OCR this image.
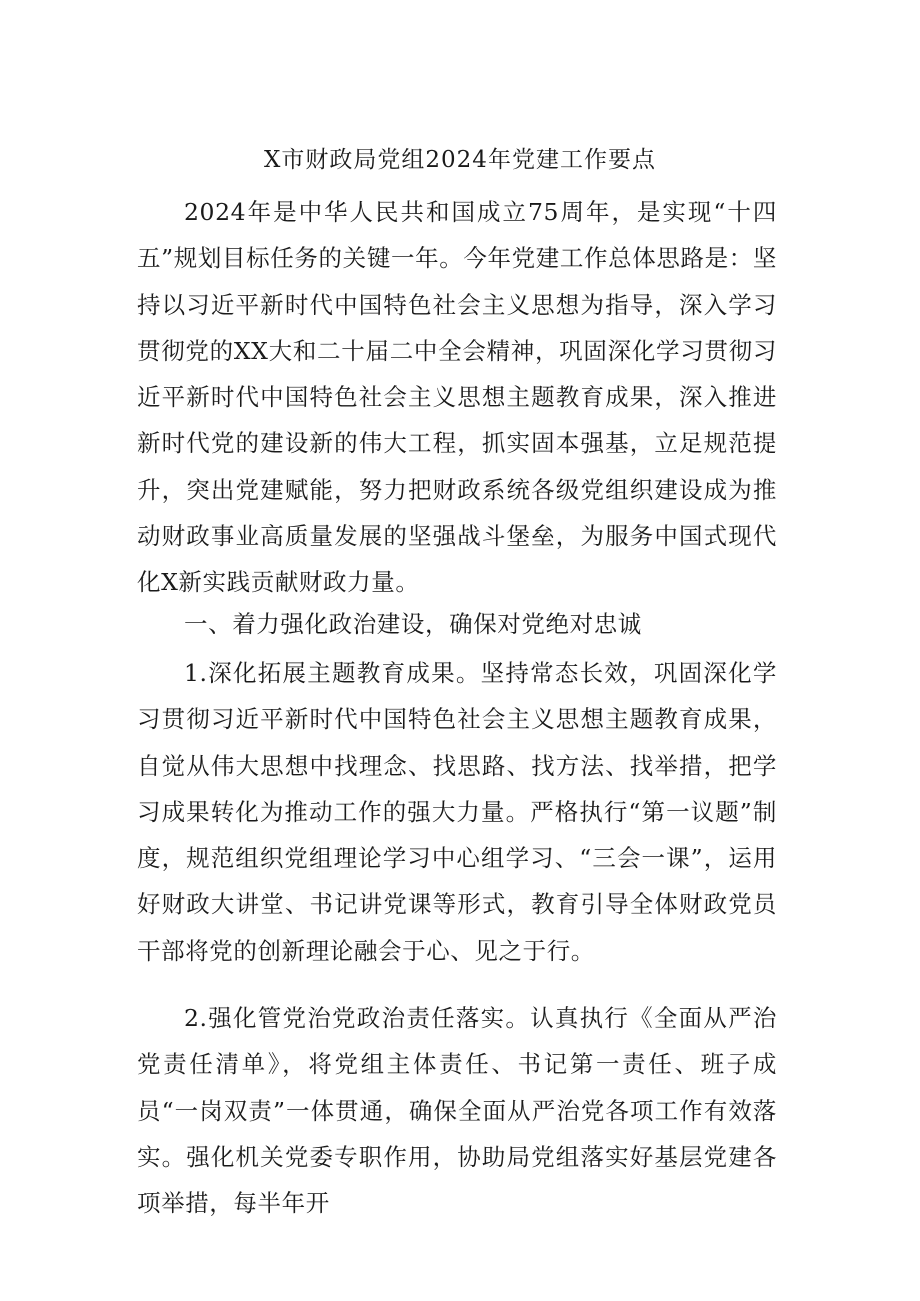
X市财政局党组2024年党建工作要点

2024年是中华人民共和国成立75周年，是实现“十四五”规划目标任务的关键一年。今年党建工作总体思路是：坚持以习近平新时代中国特色社会主义思想为指导，深入学习贯彻党的XX大和二十届二中全会精神，巩固深化学习贯彻习近平新时代中国特色社会主义思想主题教育成果，深入推进新时代党的建设新的伟大工程，抓实固本强基，立足规范提升，突出党建赋能，努力把财政系统各级党组织建设成为推动财政事业高质量发展的坚强战斗堡垒，为服务中国式现代化X新实践贡献财政力量。

一、着力强化政治建设，确保对党绝对忠诚

1.深化拓展主题教育成果。坚持常态长效，巩固深化学习贯彻习近平新时代中国特色社会主义思想主题教育成果，自觉从伟大思想中找理念、找思路、找方法、找举措，把学习成果转化为推动工作的强大力量。严格执行“第一议题”制度，规范组织党组理论学习中心组学习、“三会一课”，运用好财政大讲堂、书记讲党课等形式，教育引导全体财政党员干部将党的创新理论融会于心、见之于行。

2.强化管党治党政治责任落实。认真执行《全面从严治党责任清单》，将党组主体责任、书记第一责任、班子成员“一岗双责”一体贯通，确保全面从严治党各项工作有效落实。强化机关党委专职作用，协助局党组落实好基层党建各项举措，每半年开
